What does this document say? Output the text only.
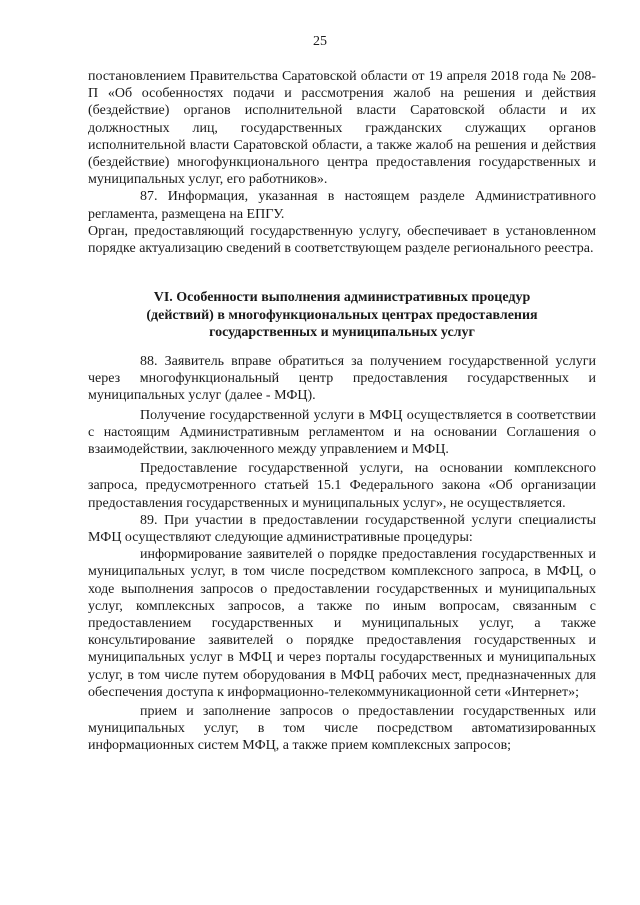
25

постановлением Правительства Саратовской области от 19 апреля 2018 года № 208-П «Об особенностях подачи и рассмотрения жалоб на решения и действия (бездействие) органов исполнительной власти Саратовской области и их должностных лиц, государственных гражданских служащих органов исполнительной власти Саратовской области, а также жалоб на решения и действия (бездействие) многофункционального центра предоставления государственных и муниципальных услуг, его работников».

87. Информация, указанная в настоящем разделе Административного регламента, размещена на ЕПГУ.

Орган, предоставляющий государственную услугу, обеспечивает в установленном порядке актуализацию сведений в соответствующем разделе регионального реестра.

VI. Особенности выполнения административных процедур
(действий) в многофункциональных центрах предоставления
государственных и муниципальных услуг

88. Заявитель вправе обратиться за получением государственной услуги через многофункциональный центр предоставления государственных и муниципальных услуг (далее - МФЦ).

Получение государственной услуги в МФЦ осуществляется в соответствии с настоящим Административным регламентом и на основании Соглашения о взаимодействии, заключенного между управлением и МФЦ.

Предоставление государственной услуги, на основании комплексного запроса, предусмотренного статьей 15.1 Федерального закона «Об организации предоставления государственных и муниципальных услуг», не осуществляется.

89. При участии в предоставлении государственной услуги специалисты МФЦ осуществляют следующие административные процедуры:

информирование заявителей о порядке предоставления государственных и муниципальных услуг, в том числе посредством комплексного запроса, в МФЦ, о ходе выполнения запросов о предоставлении государственных и муниципальных услуг, комплексных запросов, а также по иным вопросам, связанным с предоставлением государственных и муниципальных услуг, а также консультирование заявителей о порядке предоставления государственных и муниципальных услуг в МФЦ и через порталы государственных и муниципальных услуг, в том числе путем оборудования в МФЦ рабочих мест, предназначенных для обеспечения доступа к информационно-телекоммуникационной сети «Интернет»;

прием и заполнение запросов о предоставлении государственных или муниципальных услуг, в том числе посредством автоматизированных информационных систем МФЦ, а также прием комплексных запросов;
